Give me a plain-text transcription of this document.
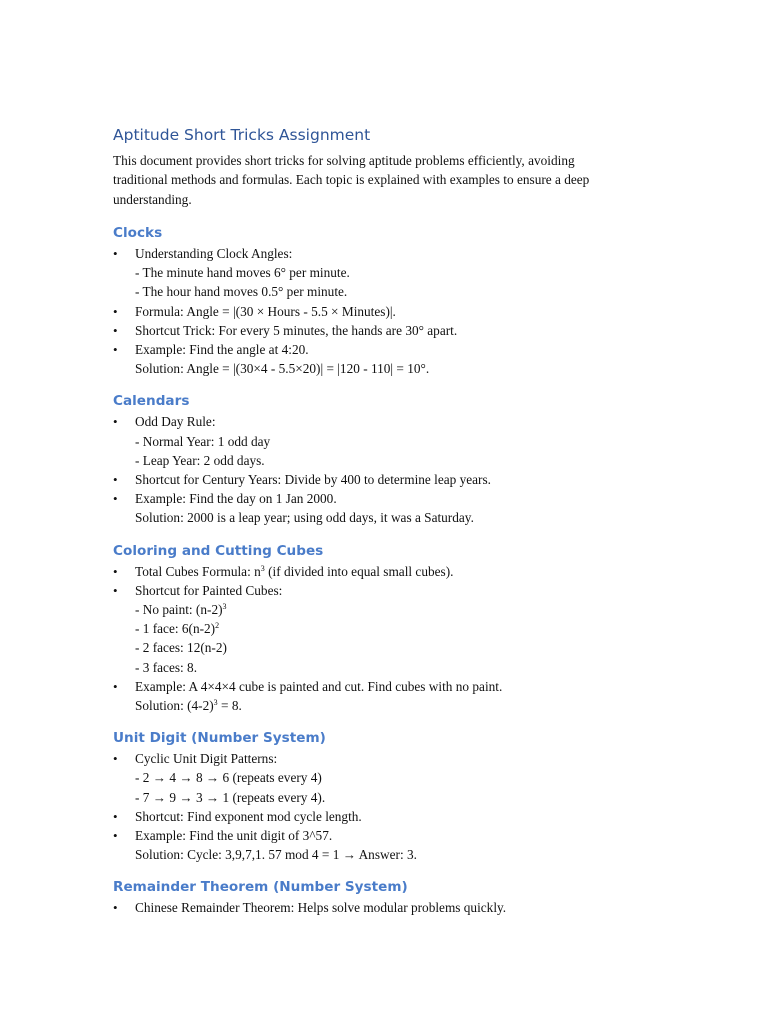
Aptitude Short Tricks Assignment

This document provides short tricks for solving aptitude problems efficiently, avoiding
traditional methods and formulas. Each topic is explained with examples to ensure a deep
understanding.

Clocks
• Understanding Clock Angles:
- The minute hand moves 6° per minute.
- The hour hand moves 0.5° per minute.
• Formula: Angle = |(30 × Hours - 5.5 × Minutes)|.
• Shortcut Trick: For every 5 minutes, the hands are 30° apart.
• Example: Find the angle at 4:20.
Solution: Angle = |(30×4 - 5.5×20)| = |120 - 110| = 10°.
Calendars
• Odd Day Rule:
- Normal Year: 1 odd day
- Leap Year: 2 odd days.
• Shortcut for Century Years: Divide by 400 to determine leap years.
• Example: Find the day on 1 Jan 2000.
Solution: 2000 is a leap year; using odd days, it was a Saturday.
Coloring and Cutting Cubes
• Total Cubes Formula: $n^3$ (if divided into equal small cubes).
• Shortcut for Painted Cubes:
- No paint: $(n-2)^3$
- 1 face: $6(n-2)^2$
- 2 faces: 12(n-2)
- 3 faces: 8.
• Example: A 4×4×4 cube is painted and cut. Find cubes with no paint.
Solution: $(4-2)^3 = 8$.
Unit Digit (Number System)
• Cyclic Unit Digit Patterns:
- 2 → 4 → 8 → 6 (repeats every 4)
- 7 → 9 → 3 → 1 (repeats every 4).
• Shortcut: Find exponent mod cycle length.
• Example: Find the unit digit of 3^57.
Solution: Cycle: 3,9,7,1. 57 mod 4 = 1 → Answer: 3.
Remainder Theorem (Number System)
• Chinese Remainder Theorem: Helps solve modular problems quickly.
